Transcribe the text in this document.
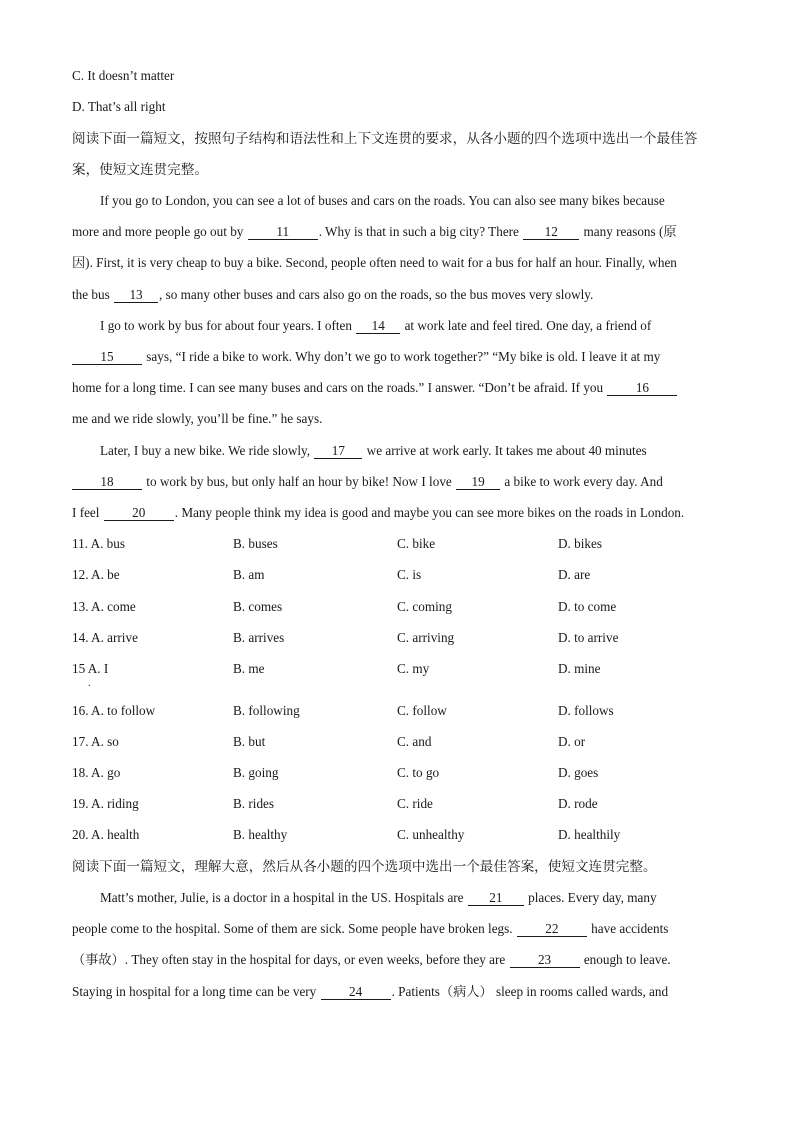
C. It doesn’t matter
D. That’s all right
阅读下面一篇短文，按照句子结构和语法性和上下文连贯的要求，从各小题的四个选项中选出一个最佳答
案，使短文连贯完整。
If you go to London, you can see a lot of buses and cars on the roads. You can also see many bikes because
more and more people go out by 11 . Why is that in such a big city? There 12 many reasons (原
因). First, it is very cheap to buy a bike. Second, people often need to wait for a bus for half an hour. Finally, when
the bus 13 , so many other buses and cars also go on the roads, so the bus moves very slowly.
I go to work by bus for about four years. I often 14 at work late and feel tired. One day, a friend of
15 says, “I ride a bike to work. Why don’t we go to work together?” “My bike is old. I leave it at my
home for a long time. I can see many buses and cars on the roads.” I answer. “Don’t be afraid. If you 16
me and we ride slowly, you’ll be fine.” he says.
Later, I buy a new bike. We ride slowly, 17 we arrive at work early. It takes me about 40 minutes
18 to work by bus, but only half an hour by bike! Now I love 19 a bike to work every day. And
I feel 20 . Many people think my idea is good and maybe you can see more bikes on the roads in London.
11. A. bus	B. buses	C. bike	D. bikes
12. A. be	B. am	C. is	D. are
13. A. come	B. comes	C. coming	D. to come
14. A. arrive	B. arrives	C. arriving	D. to arrive
15 A. I	B. me	C. my	D. mine
.
16. A. to follow	B. following	C. follow	D. follows
17. A. so	B. but	C. and	D. or
18. A. go	B. going	C. to go	D. goes
19. A. riding	B. rides	C. ride	D. rode
20. A. health	B. healthy	C. unhealthy	D. healthily
阅读下面一篇短文，理解大意，然后从各小题的四个选项中选出一个最佳答案，使短文连贯完整。
Matt’s mother, Julie, is a doctor in a hospital in the US. Hospitals are 21 places. Every day, many
people come to the hospital. Some of them are sick. Some people have broken legs. 22 have accidents
（事故）. They often stay in the hospital for days, or even weeks, before they are 23 enough to leave.
Staying in hospital for a long time can be very 24 . Patients（病人） sleep in rooms called wards, and
